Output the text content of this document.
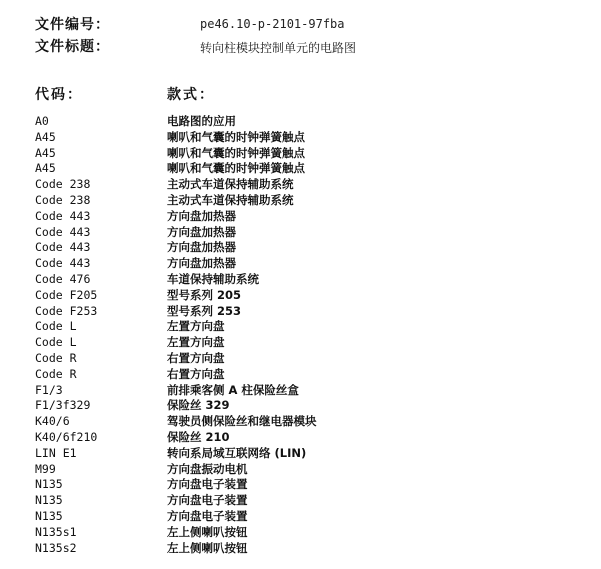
文件编号：	pe46.10-p-2101-97fba
文件标题：	转向柱模块控制单元的电路图
代码：	款式：
A0	电路图的应用
A45	喇叭和气囊的时钟弹簧触点
A45	喇叭和气囊的时钟弹簧触点
A45	喇叭和气囊的时钟弹簧触点
Code 238	主动式车道保持辅助系统
Code 238	主动式车道保持辅助系统
Code 443	方向盘加热器
Code 443	方向盘加热器
Code 443	方向盘加热器
Code 443	方向盘加热器
Code 476	车道保持辅助系统
Code F205	型号系列 205
Code F253	型号系列 253
Code L	左置方向盘
Code L	左置方向盘
Code R	右置方向盘
Code R	右置方向盘
F1/3	前排乘客侧 A 柱保险丝盒
F1/3f329	保险丝 329
K40/6	驾驶员侧保险丝和继电器模块
K40/6f210	保险丝 210
LIN E1	转向系局域互联网络 (LIN)
M99	方向盘振动电机
N135	方向盘电子装置
N135	方向盘电子装置
N135	方向盘电子装置
N135s1	左上侧喇叭按钮
N135s2	左上侧喇叭按钮
